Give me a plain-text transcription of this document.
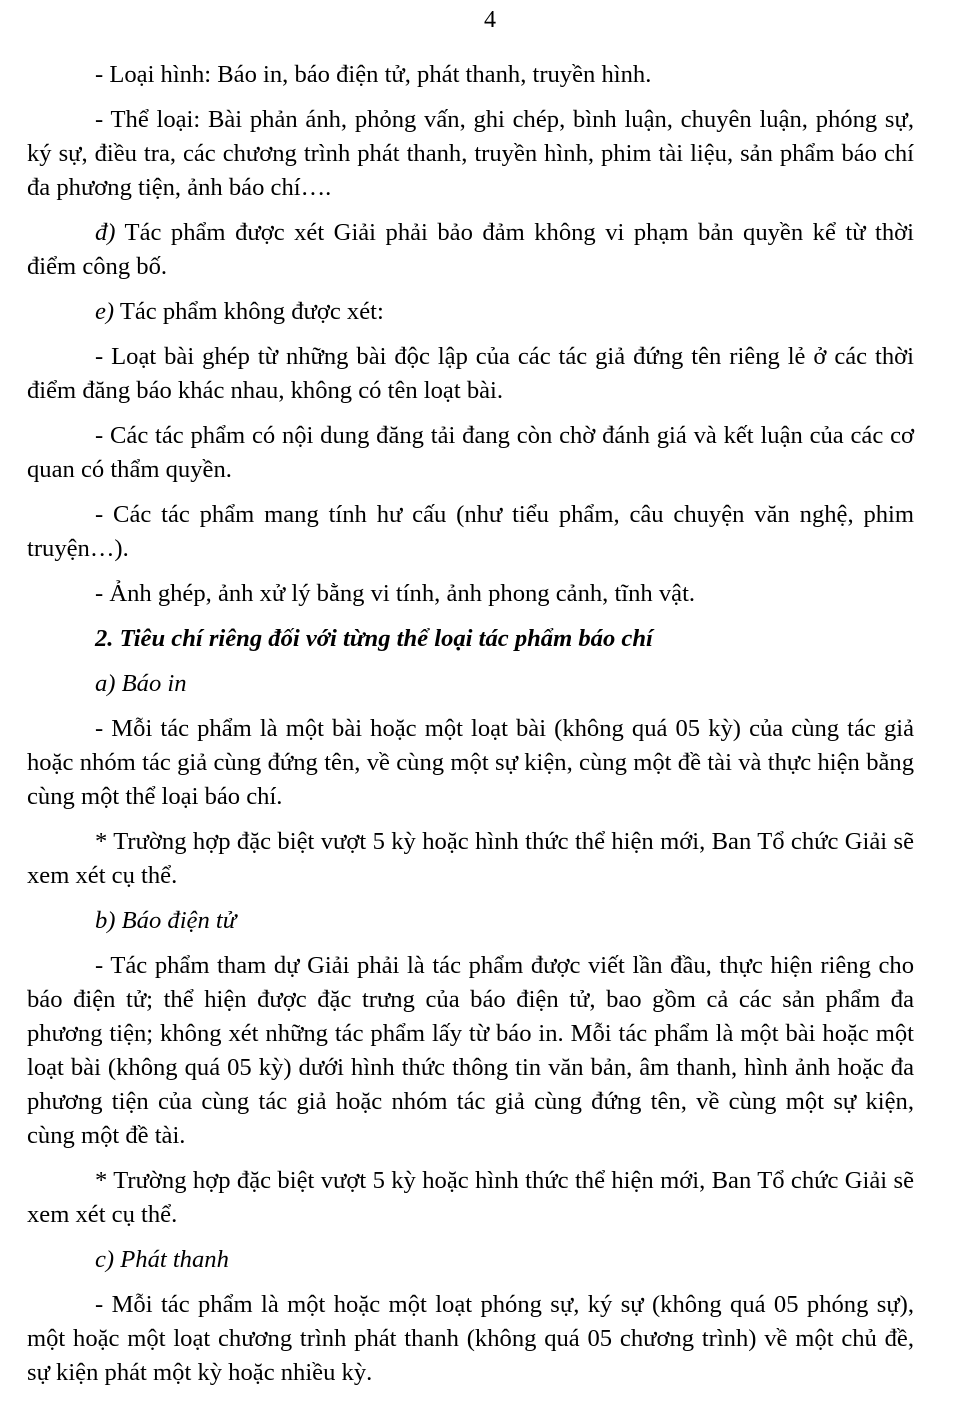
4

- Loại hình: Báo in, báo điện tử, phát thanh, truyền hình.

- Thể loại: Bài phản ánh, phỏng vấn, ghi chép, bình luận, chuyên luận, phóng sự, ký sự, điều tra, các chương trình phát thanh, truyền hình, phim tài liệu, sản phẩm báo chí đa phương tiện, ảnh báo chí….

đ) Tác phẩm được xét Giải phải bảo đảm không vi phạm bản quyền kể từ thời điểm công bố.

e) Tác phẩm không được xét:

- Loạt bài ghép từ những bài độc lập của các tác giả đứng tên riêng lẻ ở các thời điểm đăng báo khác nhau, không có tên loạt bài.

- Các tác phẩm có nội dung đăng tải đang còn chờ đánh giá và kết luận của các cơ quan có thẩm quyền.

- Các tác phẩm mang tính hư cấu (như tiểu phẩm, câu chuyện văn nghệ, phim truyện…).

- Ảnh ghép, ảnh xử lý bằng vi tính, ảnh phong cảnh, tĩnh vật.

2. Tiêu chí riêng đối với từng thể loại tác phẩm báo chí

a) Báo in

- Mỗi tác phẩm là một bài hoặc một loạt bài (không quá 05 kỳ) của cùng tác giả hoặc nhóm tác giả cùng đứng tên, về cùng một sự kiện, cùng một đề tài và thực hiện bằng cùng một thể loại báo chí.

* Trường hợp đặc biệt vượt 5 kỳ hoặc hình thức thể hiện mới, Ban Tổ chức Giải sẽ xem xét cụ thể.

b) Báo điện tử

- Tác phẩm tham dự Giải phải là tác phẩm được viết lần đầu, thực hiện riêng cho báo điện tử; thể hiện được đặc trưng của báo điện tử, bao gồm cả các sản phẩm đa phương tiện; không xét những tác phẩm lấy từ báo in. Mỗi tác phẩm là một bài hoặc một loạt bài (không quá 05 kỳ) dưới hình thức thông tin văn bản, âm thanh, hình ảnh hoặc đa phương tiện của cùng tác giả hoặc nhóm tác giả cùng đứng tên, về cùng một sự kiện, cùng một đề tài.

* Trường hợp đặc biệt vượt 5 kỳ hoặc hình thức thể hiện mới, Ban Tổ chức Giải sẽ xem xét cụ thể.

c) Phát thanh

- Mỗi tác phẩm là một hoặc một loạt phóng sự, ký sự (không quá 05 phóng sự), một hoặc một loạt chương trình phát thanh (không quá 05 chương trình) về một chủ đề, sự kiện phát một kỳ hoặc nhiều kỳ.
